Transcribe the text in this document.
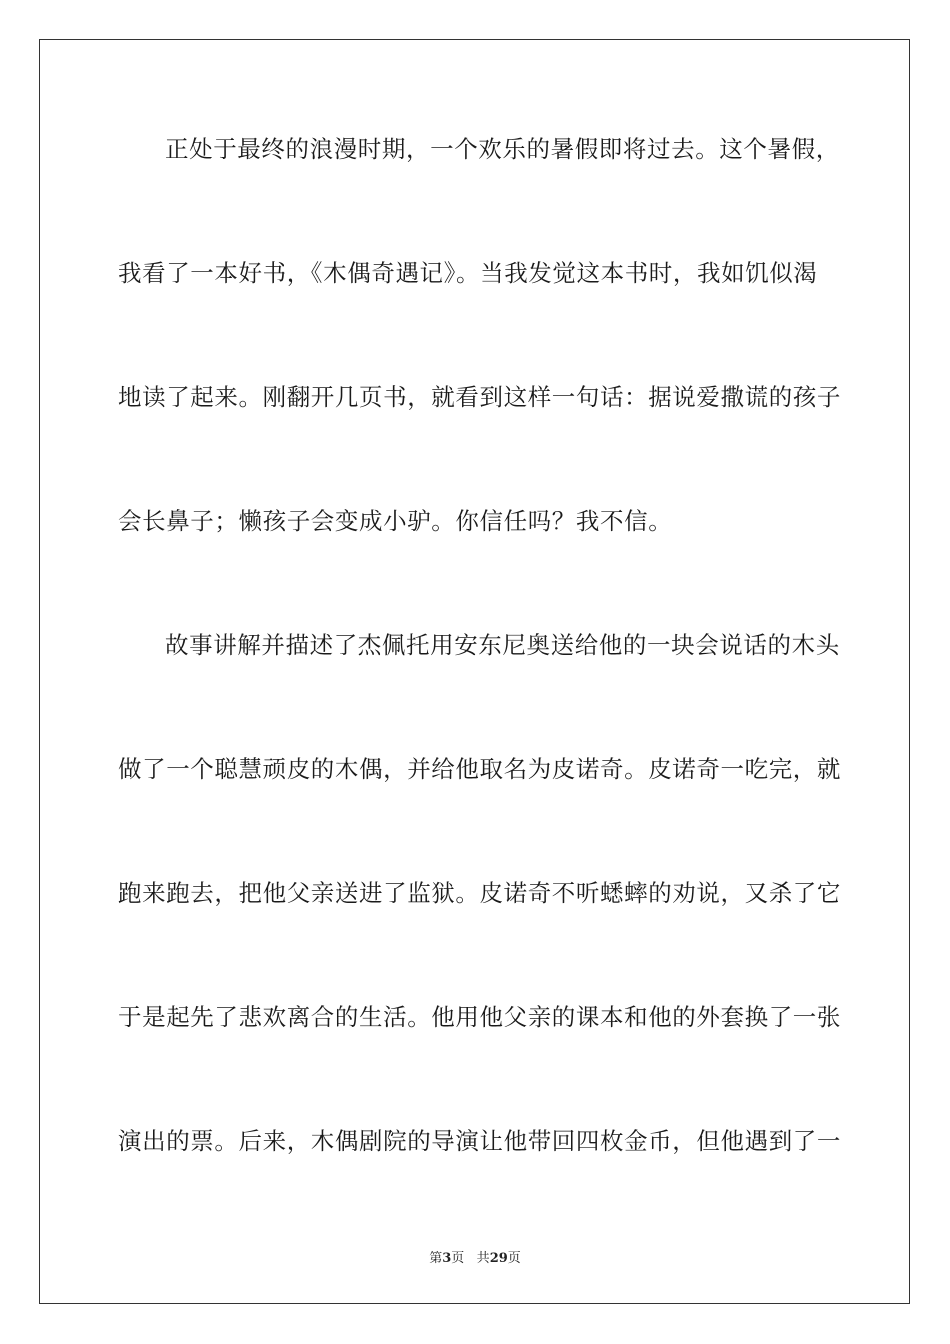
正处于最终的浪漫时期，一个欢乐的暑假即将过去。这个暑假，
我看了一本好书，《木偶奇遇记》。当我发觉这本书时，我如饥似渴
地读了起来。刚翻开几页书，就看到这样一句话：据说爱撒谎的孩子
会长鼻子；懒孩子会变成小驴。你信任吗？我不信。
故事讲解并描述了杰佩托用安东尼奥送给他的一块会说话的木头
做了一个聪慧顽皮的木偶，并给他取名为皮诺奇。皮诺奇一吃完，就
跑来跑去，把他父亲送进了监狱。皮诺奇不听蟋蟀的劝说，又杀了它
于是起先了悲欢离合的生活。他用他父亲的课本和他的外套换了一张
演出的票。后来，木偶剧院的导演让他带回四枚金币，但他遇到了一
第3页 共29页
